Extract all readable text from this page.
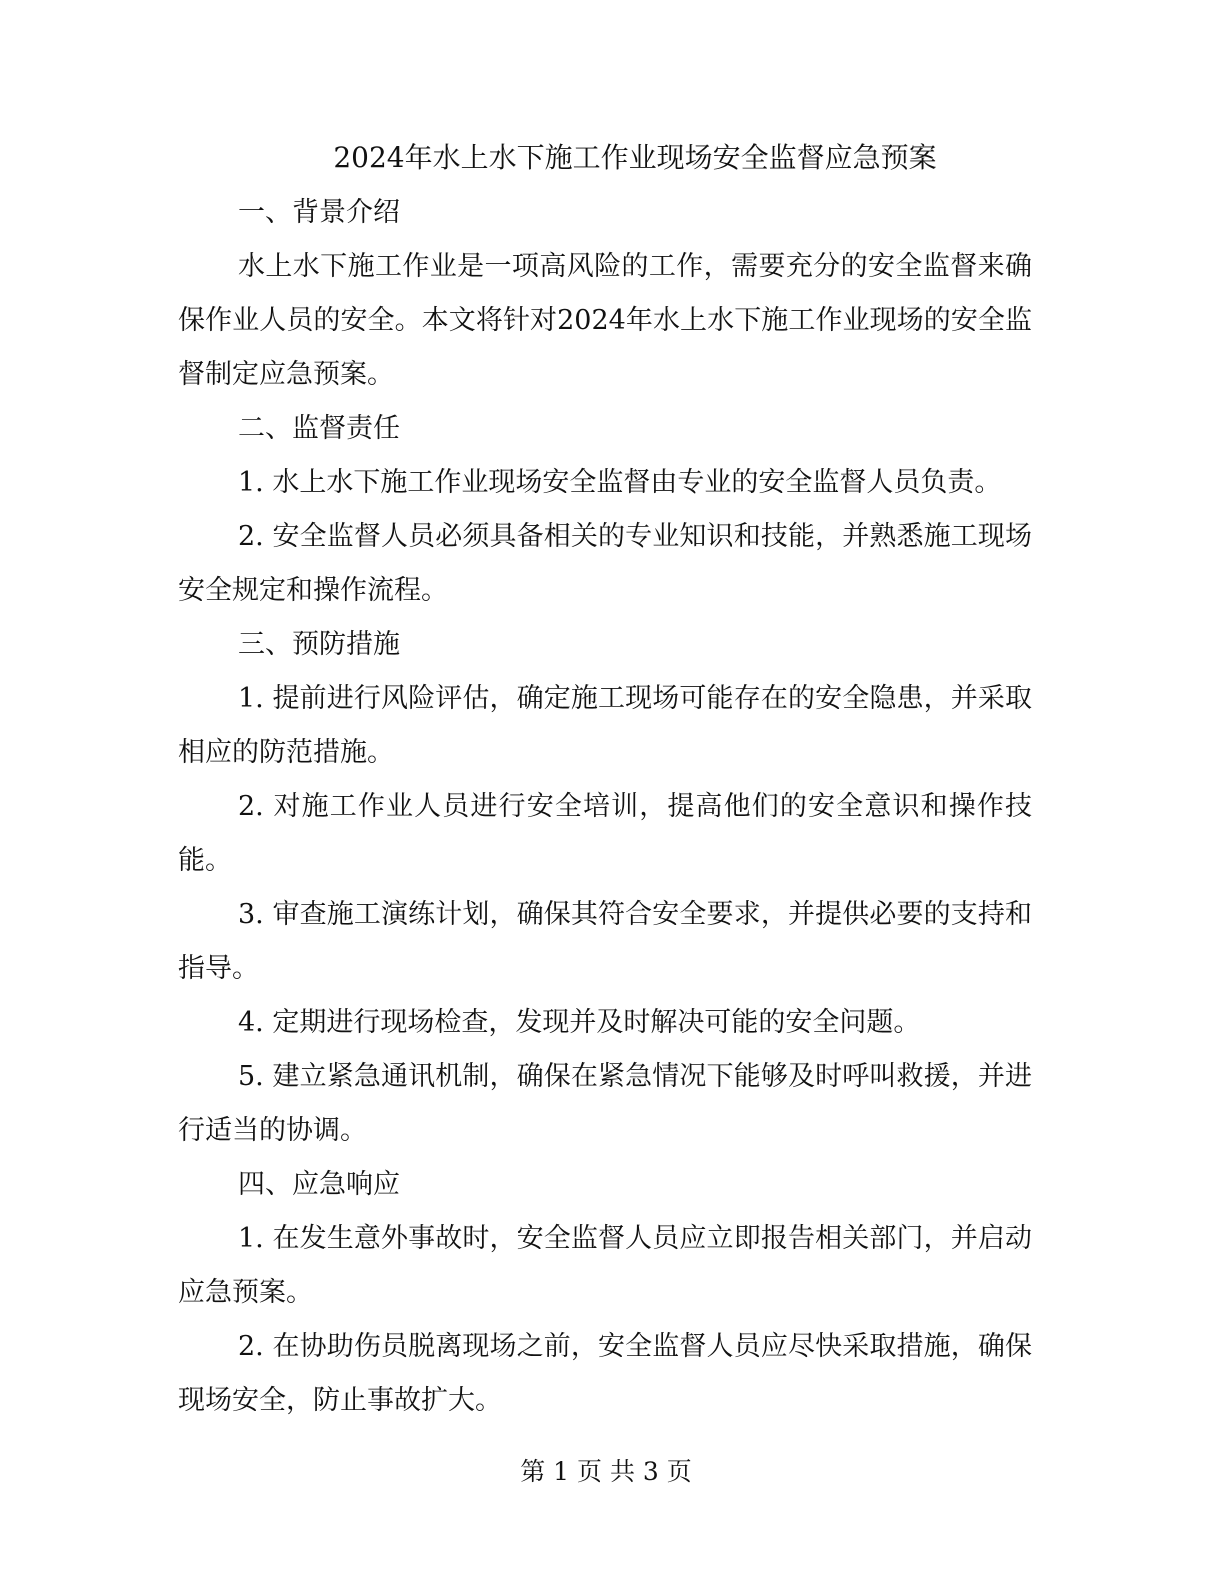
2024年水上水下施工作业现场安全监督应急预案

一、背景介绍

水上水下施工作业是一项高风险的工作，需要充分的安全监督来确保作业人员的安全。本文将针对2024年水上水下施工作业现场的安全监督制定应急预案。

二、监督责任

1. 水上水下施工作业现场安全监督由专业的安全监督人员负责。

2. 安全监督人员必须具备相关的专业知识和技能，并熟悉施工现场安全规定和操作流程。

三、预防措施

1. 提前进行风险评估，确定施工现场可能存在的安全隐患，并采取相应的防范措施。

2. 对施工作业人员进行安全培训，提高他们的安全意识和操作技能。

3. 审查施工演练计划，确保其符合安全要求，并提供必要的支持和指导。

4. 定期进行现场检查，发现并及时解决可能的安全问题。

5. 建立紧急通讯机制，确保在紧急情况下能够及时呼叫救援，并进行适当的协调。

四、应急响应

1. 在发生意外事故时，安全监督人员应立即报告相关部门，并启动应急预案。

2. 在协助伤员脱离现场之前，安全监督人员应尽快采取措施，确保现场安全，防止事故扩大。

第 1 页 共 3 页
